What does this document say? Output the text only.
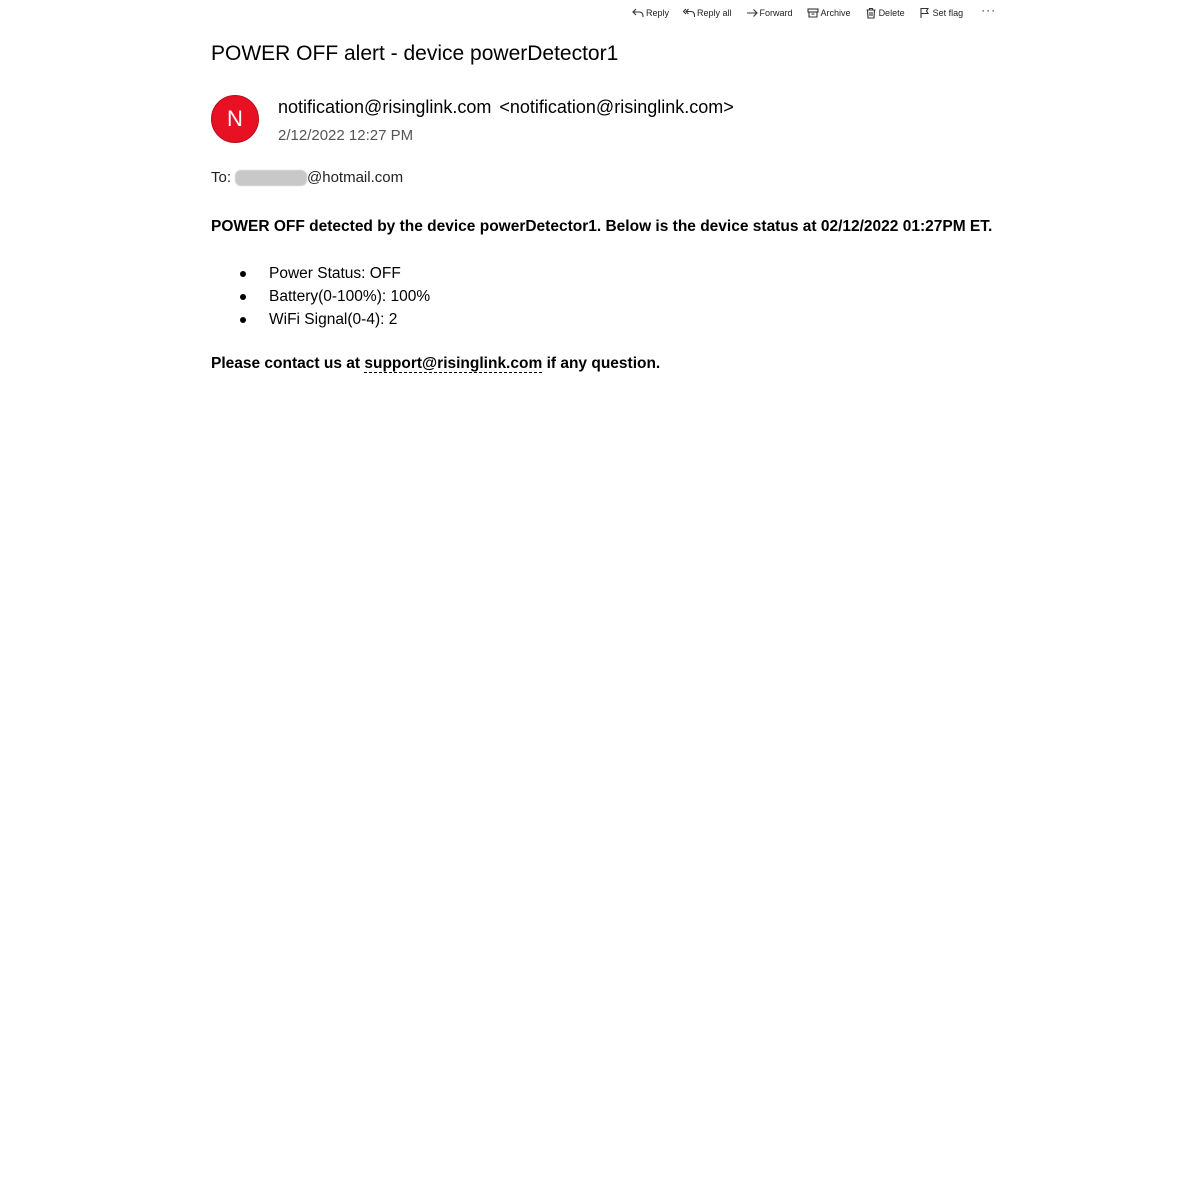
Reply	Reply all	Forward	Archive	Delete	Set flag ···
POWER OFF alert - device powerDetector1
N notification@risinglink.com <notification@risinglink.com>
2/12/2022 12:27 PM
To:	@hotmail.com
POWER OFF detected by the device powerDetector1. Below is the device status at 02/12/2022 01:27PM ET.
Power Status: OFF
Battery(0-100%): 100%
WiFi Signal(0-4): 2
Please contact us at support@risinglink.com if any question.
